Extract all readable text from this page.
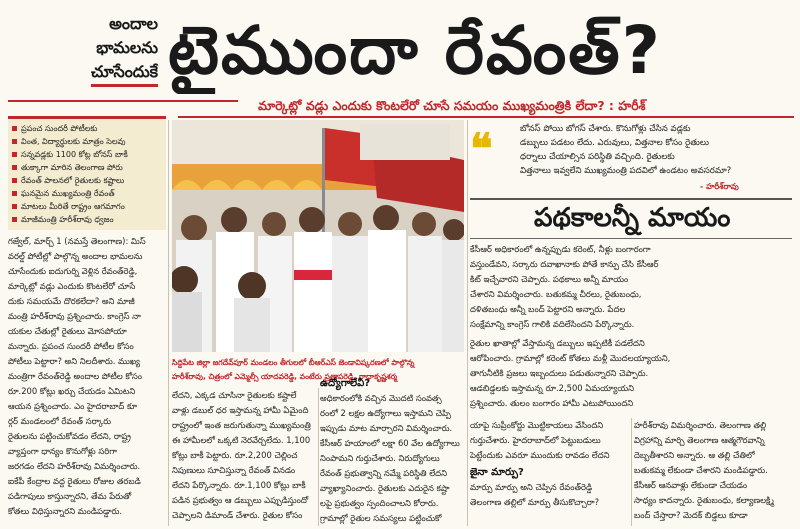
అందాల
భామలను
చూసేందుకే టైముందా రేవంత్?
మార్కెట్లో వడ్లు ఎందుకు కొంటలేరో చూసే సమయం ముఖ్యమంత్రికి లేదా? : హరీశ్
ప్రపంచ సుందరీ పోటీలకు
వింత, విద్యార్థులకు మాత్రం సెలవు
సన్నవడ్లకు 1100 కోట్ల బోనస్ బాకీ
తుక్కాగా మారిన తెలంగాణ పోరు
రేవంత్ పాలనలో రైతులకు కష్టాలు
ఘనమైన ముఖ్యమంత్రి రేవంత్
మాటలు మీరితే రాష్ట్రం ఆగమాగం
మాజీమంత్రి హరీశ్‌రావు ధ్వజం

గజ్వేల్, మార్చ్ 1 (నమస్తే తెలంగాణ): మిస్

వరల్డ్ పోటీల్లో పాల్గొన్న అందాల భామలను

చూసేందుకు ఐదుగుర్ని వెళ్లిన రేవంత్‌రెడ్డి,

మార్కెట్లో వడ్లు ఎందుకు కొంటలేరో చూసే

దుకు సమయమే దొరకలేదా? అని మాజీ

మంత్రి హరీశ్‌రావు ప్రశ్నించారు. కాంగ్రెస్ నా

యకుల చేతుల్లో రైతులు మోసపోయా

మన్నారు. ప్రపంచ సుందరీ పోటీల కోసం

పోటీలు పెట్టారా? అని నిలదీశారు. ముఖ్య

మంత్రిగా రేవంత్‌రెడ్డి అందాల పోటీల కోసం

రూ.200 కోట్లు ఖర్చు చేయడం ఏమిటని

ఆయన ప్రశ్నించారు. ఎం హైదరాబాద్ కూ

ర్గర్ మండలంలో రేవంత్ సర్కారు

రైతులను పట్టించుకోవడం లేదని, రాష్ట్ర

వ్యాప్తంగా ధాన్యం కొనుగోళ్లు సరిగా

జరగడం లేదని హరీశ్‌రావు విమర్శించారు.

ఐకేపీ కేంద్రాల వద్ద రైతులు రోజుల తరబడి

పడిగాపులు కాస్తున్నారని, తేమ పేరుతో

కోతలు విధిస్తున్నారని మండిపడ్డారు.

సిద్దిపేట జిల్లా జగదేవ్‌పూర్ మండలం తీగులలో బీఆర్ఎస్ జెండావిష్కరణలో పాల్గొన్న

హరీశ్‌రావు, చిత్రంలో ఎమ్మెల్సీ యాదవరెడ్డి, వంటేరు ప్రతాపరెడ్డి, రాధాకృష్ణశర్మ

లేదని, ఎక్కడ చూసినా రైతులకు కష్టాలే

వాళ్లు డబుల్ ధర ఇస్తామన్న హామీ ఏమైంది

రాష్ట్రంలో ఇంత జరుగుతున్నా ముఖ్యమంత్రి

ఈ హామీలలో ఒక్కటి నెరవేర్చలేదు. 1,100

కోట్లు బాకీ పెట్టారు. రూ.2,200 చెల్లించ

నిపుణులు సూచిస్తున్నా రేవంత్ వినడం

లేదని పేర్కొన్నారు. రూ.1,100 కోట్లు బాకీ

పడిన ప్రభుత్వం ఆ డబ్బులు ఎప్పుడిస్తుందో

చెప్పాలని డిమాండ్ చేశారు. రైతుల కోసం

ఉద్యోగాలేవీ?

అధికారంలోకి వచ్చిన మొదటి సంవత్స

రంలో 2 లక్షల ఉద్యోగాలు ఇస్తామని చెప్పి

ఇప్పుడు మాట మార్చారని విమర్శించారు.

కేసీఆర్ హయాంలో లక్షా 60 వేల ఉద్యోగాలు

నింపామని గుర్తుచేశారు. నిరుద్యోగులు

రేవంత్ ప్రభుత్వాన్ని నమ్మే పరిస్థితి లేదని

వ్యాఖ్యానించారు. రైతులకు ఎదురైన కష్టా

లపై ప్రభుత్వం స్పందించాలని కోరారు.

గ్రామాల్లో రైతుల సమస్యలు పట్టించుకో

❝	బోనస్ పోయి బోగస్ చేశారు. కొనుగోళ్లు చేసిన వడ్లకు

డబ్బులు పడటం లేదు. ఎరువులు, విత్తనాల కోసం రైతులు

ధర్నాలు చేయాల్సిన పరిస్థితి వచ్చింది. రైతులకు

విత్తనాలు ఇవ్వలేని ముఖ్యమంత్రి పదవిలో ఉండటం అవసరమా?

- హరీశ్‌రావు
పథకాలన్నీ మాయం

కేసీఆర్ అధికారంలో ఉన్నప్పుడు కరెంట్, నీళ్లు బంగారంగా

వస్తుండేవని, సర్కారు దవాఖానాకు పోతే కాన్పు చేసి కేసీఆర్

కిట్ ఇచ్చేవారని చెప్పారు. పథకాలు అన్నీ మాయం

చేశారని విమర్శించారు. బతుకమ్మ చీరలు, రైతుబంధు,

దళితబంధు అన్నీ బంద్ పెట్టారని అన్నారు. పేదల

సంక్షేమాన్ని కాంగ్రెస్ గాలికి వదిలేసిందని పేర్కొన్నారు.

రైతుల ఖాతాల్లో వేస్తామన్న డబ్బులు ఇప్పటికీ పడలేదని

ఆరోపించారు. గ్రామాల్లో కరెంట్ కోతలు మళ్లీ మొదలయ్యాయని,

తాగునీటికి ప్రజలు ఇబ్బందులు పడుతున్నారని చెప్పారు.

ఆడబిడ్డలకు ఇస్తామన్న రూ.2,500 ఏమయ్యాయని

ప్రశ్నించారు. తులం బంగారం హామీ ఎటుపోయిందని

యాపై సుప్రీంకోర్టు మొట్టికాయలు వేసిందని

గుర్తుచేశారు. హైదరాబాద్‌లో పెట్టుబడులు

పెట్టేందుకు ఎవరూ ముందుకు రావడం లేదని

జైనా మార్పు?

మార్పు మార్పు అని చెప్పిన రేవంత్‌రెడ్డి

తెలంగాణ తల్లిలో మార్పు తీసుకొచ్చారా?

హరీశ్‌రావు విమర్శించారు. తెలంగాణ తల్లి

విగ్రహాన్ని మార్చి తెలంగాణ ఆత్మగౌరవాన్ని

దెబ్బతీశారని అన్నారు. ఆ తల్లి చేతిలో

బతుకమ్మ లేకుండా చేశారని మండిపడ్డారు.

కేసీఆర్ ఆనవాళ్లు లేకుండా చేయడం

సాధ్యం కాదన్నారు. రైతుబంధు, కల్యాణలక్ష్మి

బంద్ చేస్తారా? మెదక్ బిడ్డలు కూడా
